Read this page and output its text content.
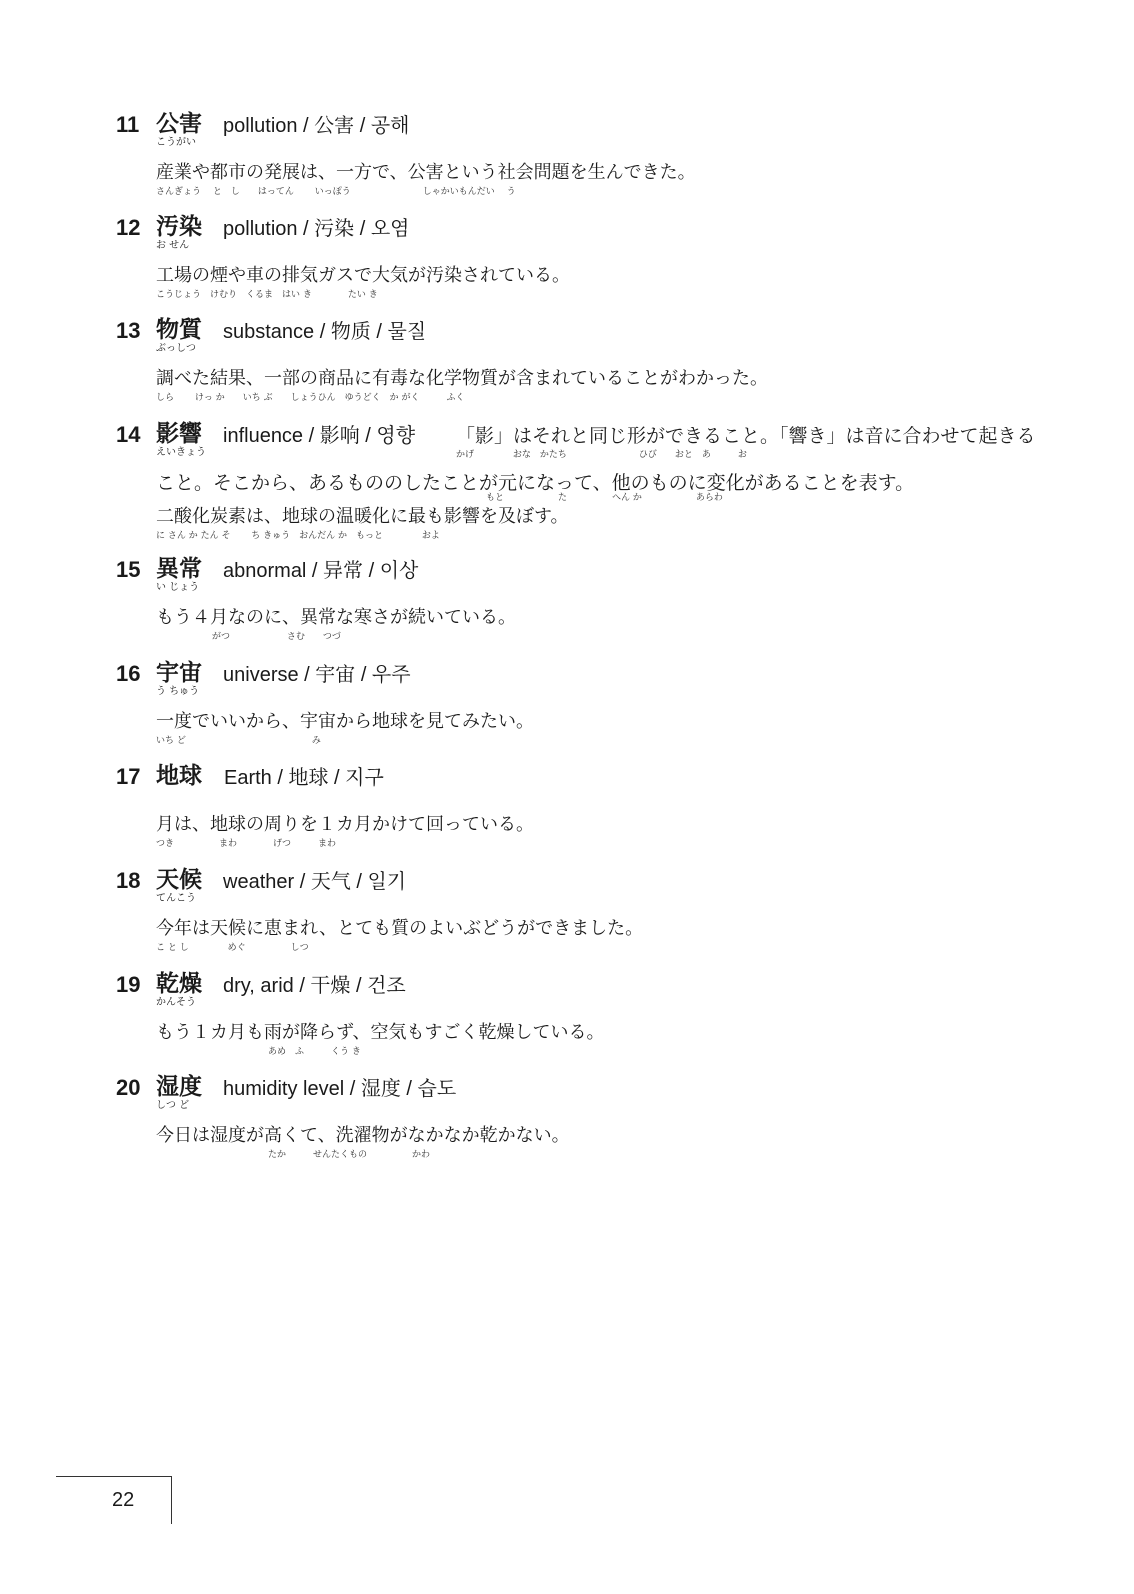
11 公害
こうがい
pollution / 公害 / 공해
産業や都市の発展は、一方で、公害という社会問題を生んできた。
さんぎょう　 と　し　　はってん　　 いっぽう　　　　　　　　しゃかいもんだい　 う
12 汚染
お せん
pollution / 污染 / 오염
工場の煙や車の排気ガスで大気が汚染されている。
こうじょう　けむり　くるま　はい き　　　　たい き
13 物質
ぶっしつ
substance / 物质 / 물질
調べた結果、一部の商品に有毒な化学物質が含まれていることがわかった。
しら　　 けっ か　　いち ぶ　　しょうひん　ゆうどく　か がく　　　ふく
14 影響
えいきょう
influence / 影响 / 영향 「影」はそれと同じ形ができること。「響き」は音に合わせて起きる
かげ　　　　 おな　かたち　　　　　　　　ひび　　おと　あ　　　お
こと。そこから、あるもののしたことが元になって、他のものに変化があることを表す。
もと　　　　　　た　　　　　へん か　　　　　　あらわ
二酸化炭素は、地球の温暖化に最も影響を及ぼす。
に さん か たん そ　　 ち きゅう　おんだん か　もっと　　　　 およ
15 異常
い じょう
abnormal / 异常 / 이상
もう４月なのに、異常な寒さが続いている。
がつ　　　　　　 さむ　　つづ
16 宇宙
う ちゅう
universe / 宇宙 / 우주
一度でいいから、宇宙から地球を見てみたい。
いち ど　　　　　　　　　　　　　　み
17 地球 Earth / 地球 / 지구
月は、地球の周りを１カ月かけて回っている。
つき　　　　　まわ　　　　げつ　　　まわ
18 天候
てんこう
weather / 天气 / 일기
今年は天候に恵まれ、とても質のよいぶどうができました。
こ と し　　　　 めぐ　　　　　しつ
19 乾燥
かんそう
dry, arid / 干燥 / 건조
もう１カ月も雨が降らず、空気もすごく乾燥している。
あめ　ふ　　　くう き
20 湿度
しつ ど
humidity level / 湿度 / 습도
今日は湿度が高くて、洗濯物がなかなか乾かない。
たか　　　せんたくもの　　　　　かわ
22
